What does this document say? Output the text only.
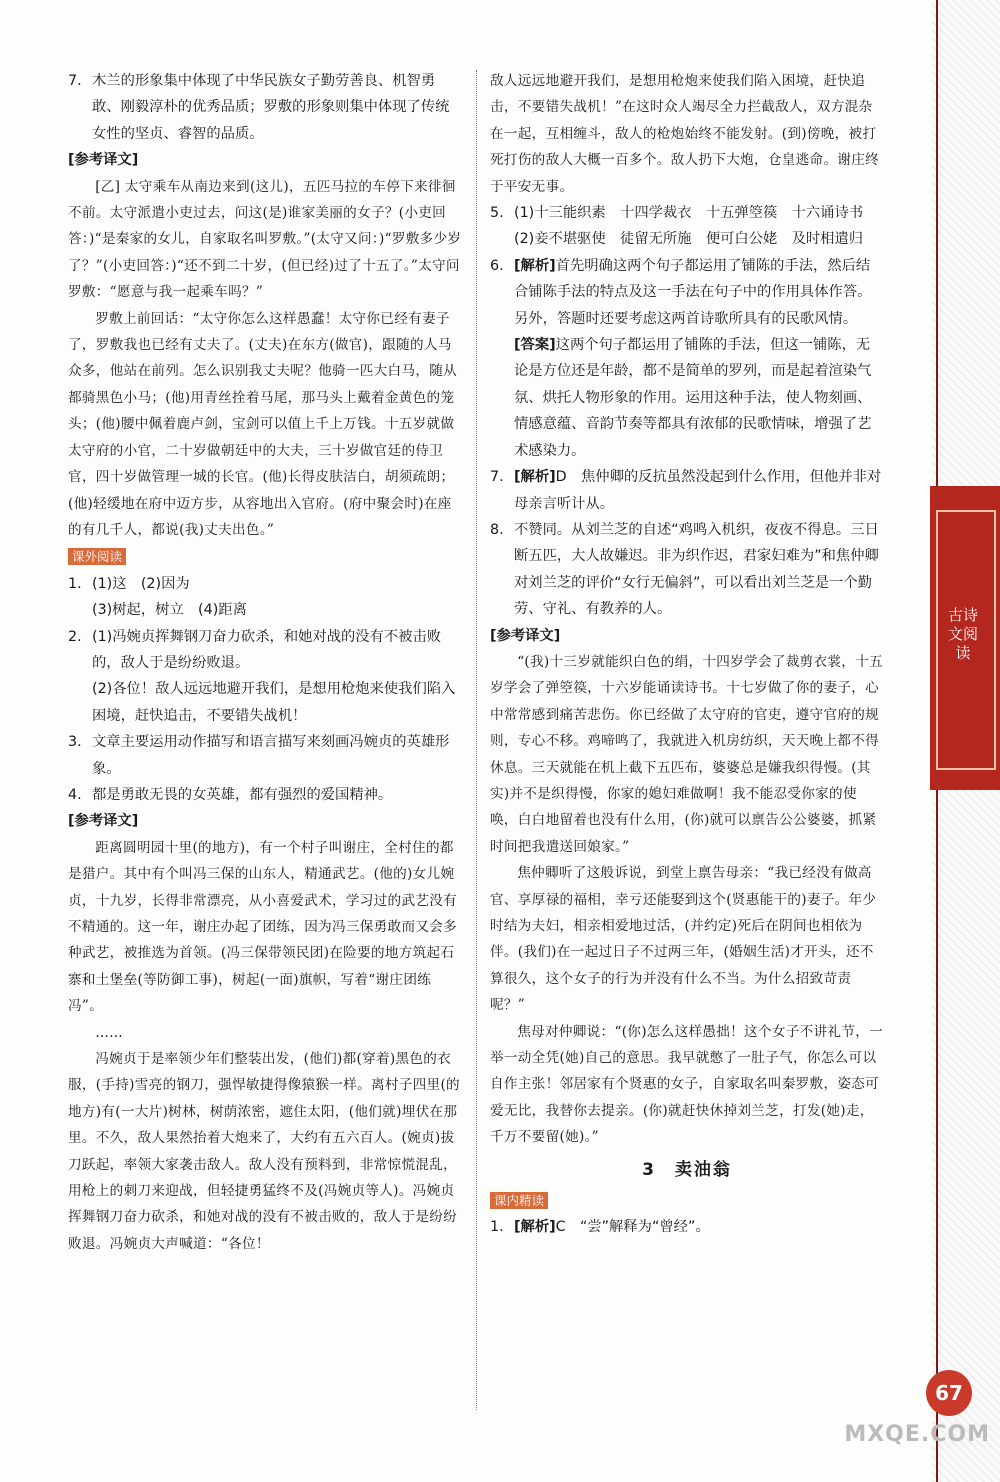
7. 木兰的形象集中体现了中华民族女子勤劳善良、机智勇敢、刚毅淳朴的优秀品质；罗敷的形象则集中体现了传统女性的坚贞、睿智的品质。

[参考译文]

[乙] 太守乘车从南边来到(这儿)，五匹马拉的车停下来徘徊不前。太守派遣小吏过去，问这(是)谁家美丽的女子？(小吏回答：)“是秦家的女儿，自家取名叫罗敷。”(太守又问：)“罗敷多少岁了？”(小吏回答：)“还不到二十岁，(但已经)过了十五了。”太守问罗敷：“愿意与我一起乘车吗？”

罗敷上前回话：“太守你怎么这样愚蠢！太守你已经有妻子了，罗敷我也已经有丈夫了。(丈夫)在东方(做官)，跟随的人马众多，他站在前列。怎么识别我丈夫呢？他骑一匹大白马，随从都骑黑色小马；(他)用青丝拴着马尾，那马头上戴着金黄色的笼头；(他)腰中佩着鹿卢剑，宝剑可以值上千上万钱。十五岁就做太守府的小官，二十岁做朝廷中的大夫，三十岁做官廷的侍卫官，四十岁做管理一城的长官。(他)长得皮肤洁白，胡须疏朗；(他)轻缓地在府中迈方步，从容地出入官府。(府中聚会时)在座的有几千人，都说(我)丈夫出色。”

课外阅读
1. (1)这　(2)因为

(3)树起，树立　(4)距离

2. (1)冯婉贞挥舞钢刀奋力砍杀，和她对战的没有不被击败的，敌人于是纷纷败退。

(2)各位！敌人远远地避开我们，是想用枪炮来使我们陷入困境，赶快追击，不要错失战机！

3. 文章主要运用动作描写和语言描写来刻画冯婉贞的英雄形象。
4. 都是勇敢无畏的女英雄，都有强烈的爱国精神。

[参考译文]

距离圆明园十里(的地方)，有一个村子叫谢庄，全村住的都是猎户。其中有个叫冯三保的山东人，精通武艺。(他的)女儿婉贞，十九岁，长得非常漂亮，从小喜爱武术，学习过的武艺没有不精通的。这一年，谢庄办起了团练，因为冯三保勇敢而又会多种武艺，被推选为首领。(冯三保带领民团)在险要的地方筑起石寨和土堡垒(等防御工事)，树起(一面)旗帜，写着“谢庄团练冯”。

……

冯婉贞于是率领少年们整装出发，(他们)都(穿着)黑色的衣服，(手持)雪亮的钢刀，强悍敏捷得像猿猴一样。离村子四里(的地方)有(一大片)树林，树荫浓密，遮住太阳，(他们就)埋伏在那里。不久，敌人果然抬着大炮来了，大约有五六百人。(婉贞)拔刀跃起，率领大家袭击敌人。敌人没有预料到，非常惊慌混乱，用枪上的刺刀来迎战，但轻捷勇猛终不及(冯婉贞等人)。冯婉贞挥舞钢刀奋力砍杀，和她对战的没有不被击败的，敌人于是纷纷败退。冯婉贞大声喊道：“各位！

敌人远远地避开我们，是想用枪炮来使我们陷入困境，赶快追击，不要错失战机！”在这时众人竭尽全力拦截敌人，双方混杂在一起，互相缠斗，敌人的枪炮始终不能发射。(到)傍晚，被打死打伤的敌人大概一百多个。敌人扔下大炮，仓皇逃命。谢庄终于平安无事。

5. (1)十三能织素　十四学裁衣　十五弹箜篌　十六诵诗书

(2)妾不堪驱使　徒留无所施　便可白公姥　及时相遣归

6. [解析]首先明确这两个句子都运用了铺陈的手法，然后结合铺陈手法的特点及这一手法在句子中的作用具体作答。另外，答题时还要考虑这两首诗歌所具有的民歌风情。
[答案]这两个句子都运用了铺陈的手法，但这一铺陈，无论是方位还是年龄，都不是简单的罗列，而是起着渲染气氛、烘托人物形象的作用。运用这种手法，使人物刻画、情感意蕴、音韵节奏等都具有浓郁的民歌情味，增强了艺术感染力。
7. [解析]D　焦仲卿的反抗虽然没起到什么作用，但他并非对母亲言听计从。
8. 不赞同。从刘兰芝的自述“鸡鸣入机织，夜夜不得息。三日断五匹，大人故嫌迟。非为织作迟，君家妇难为”和焦仲卿对刘兰芝的评价“女行无偏斜”，可以看出刘兰芝是一个勤劳、守礼、有教养的人。

[参考译文]

“(我)十三岁就能织白色的绢，十四岁学会了裁剪衣裳，十五岁学会了弹箜篌，十六岁能诵读诗书。十七岁做了你的妻子，心中常常感到痛苦悲伤。你已经做了太守府的官吏，遵守官府的规则，专心不移。鸡啼鸣了，我就进入机房纺织，天天晚上都不得休息。三天就能在机上截下五匹布，婆婆总是嫌我织得慢。(其实)并不是织得慢，你家的媳妇难做啊！我不能忍受你家的使唤，白白地留着也没有什么用，(你)就可以禀告公公婆婆，抓紧时间把我遣送回娘家。”

焦仲卿听了这般诉说，到堂上禀告母亲：“我已经没有做高官、享厚禄的福相，幸亏还能娶到这个(贤惠能干的)妻子。年少时结为夫妇，相亲相爱地过活，(并约定)死后在阴间也相依为伴。(我们)在一起过日子不过两三年，(婚姻生活)才开头，还不算很久，这个女子的行为并没有什么不当。为什么招致苛责呢？”

焦母对仲卿说：“(你)怎么这样愚拙！这个女子不讲礼节，一举一动全凭(她)自己的意思。我早就憋了一肚子气，你怎么可以自作主张！邻居家有个贤惠的女子，自家取名叫秦罗敷，姿态可爱无比，我替你去提亲。(你)就赶快休掉刘兰芝，打发(她)走，千万不要留(她)。”

3　卖油翁

课内精读
1. [解析]C　“尝”解释为“曾经”。
古诗文阅读
67
MXQE.COM
